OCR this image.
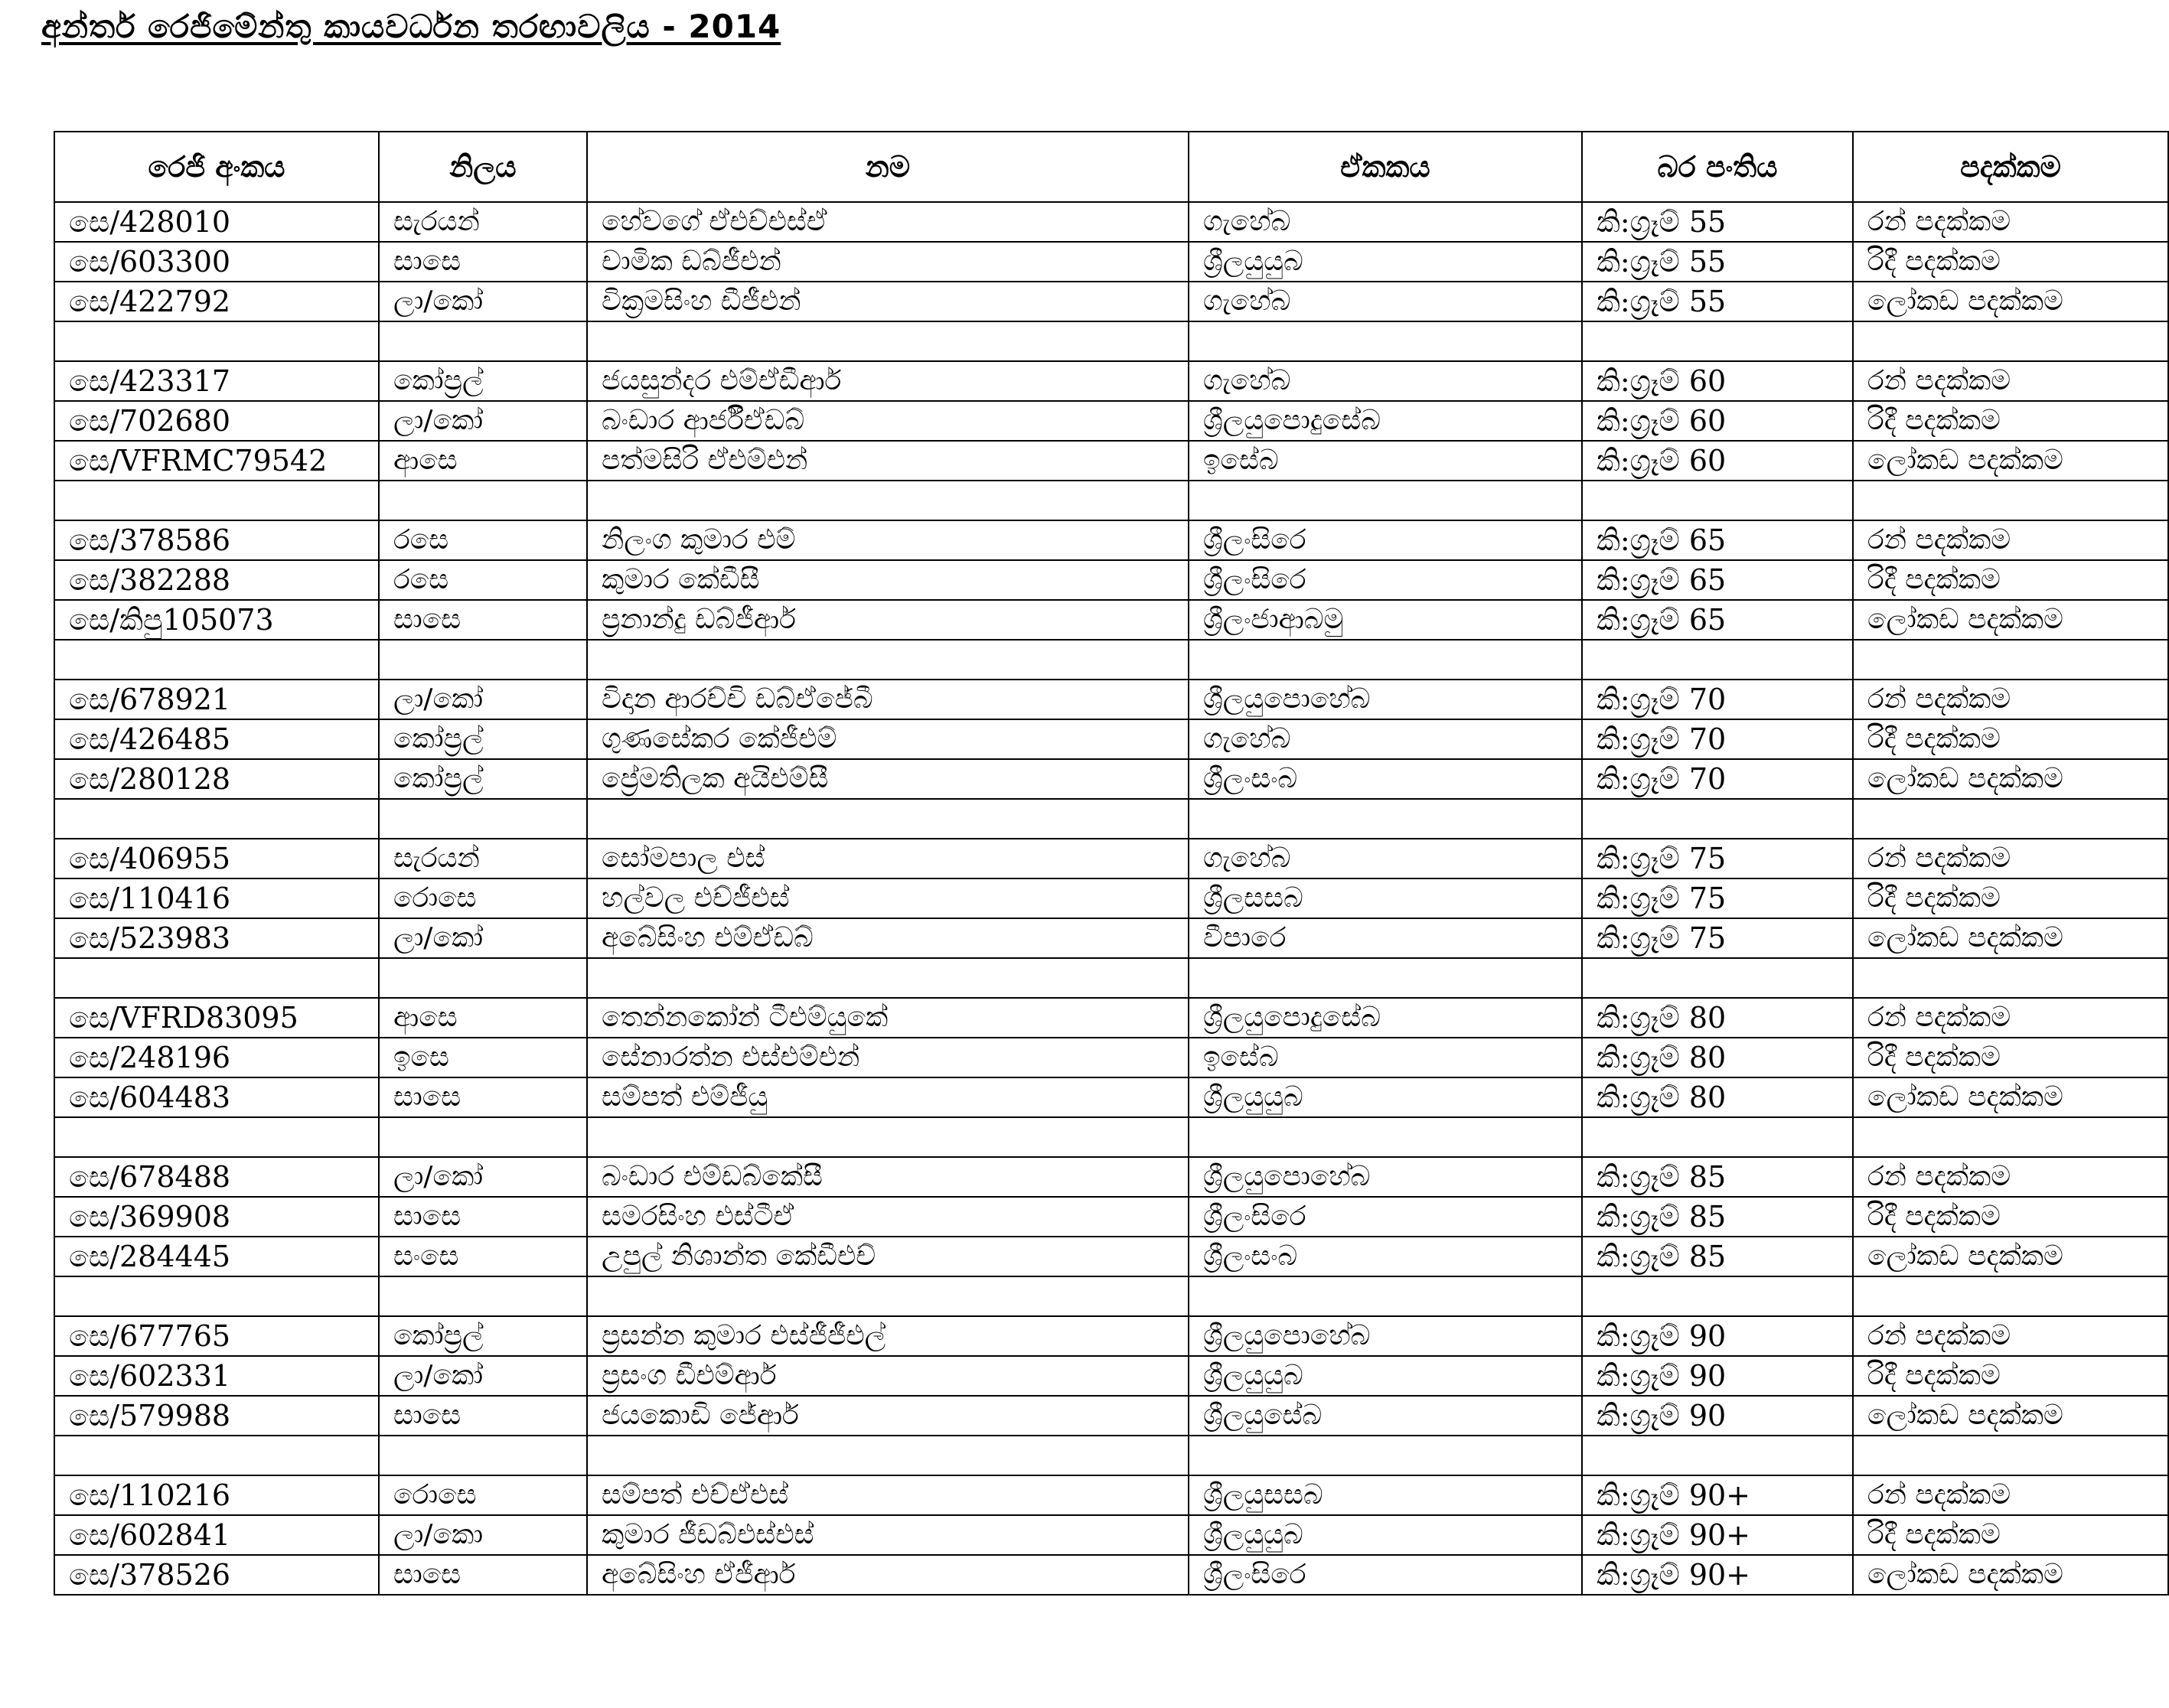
අන්තර් රෙජිමේන්තු කායවර්ධන තරඟාවලිය - 2014
රෙජි අංකය	නිලය	නම	ඒකකය	බර පංතිය	පදක්කම
සෙ/428010	සැරයන්	හේවගේ ඒඑච්එස්ඒ	ගැහේබ	කි:ග්‍රෑම් 55	රන් පදක්කම
සෙ/603300	සාසෙ	චාමික ඩබ්ජීඑන්	ශ්‍රීලයුයුබ	කි:ග්‍රෑම් 55	රිදී පදක්කම
සෙ/422792	ලා/කෝ	වික්‍රමසිංහ ඩීජීඑන්	ගැහේබ	කි:ග්‍රෑම් 55	ලෝකඩ පදක්කම

සෙ/423317	කෝප්‍රල්	ජයසුන්දර එම්ඒඩීආර්	ගැහේබ	කි:ග්‍රෑම් 60	රන් පදක්කම
සෙ/702680	ලා/කෝ	බංඩාර ආර්ජීඒඩබ්	ශ්‍රීලයුපොදුසේබ	කි:ග්‍රෑම් 60	රිදී පදක්කම
සෙ/VFRMC79542	ආසෙ	පත්මසිරි ඒඑම්එන්	ඉසේබ	කි:ග්‍රෑම් 60	ලෝකඩ පදක්කම

සෙ/378586	රසෙ	නිලංග කුමාර එම්	ශ්‍රීලංසිරෙ	කි:ග්‍රෑම් 65	රන් පදක්කම
සෙ/382288	රසෙ	කුමාර කේඩීසී	ශ්‍රීලංසිරෙ	කි:ග්‍රෑම් 65	රිදී පදක්කම
සෙ/කිපු105073	සාසෙ	ප්‍රනාන්දු ඩබ්ජීආර්	ශ්‍රීලංජාආබමු	කි:ග්‍රෑම් 65	ලෝකඩ පදක්කම

සෙ/678921	ලා/කෝ	විදාන ආරච්චි ඩබ්ඒජේබී	ශ්‍රීලයුපොහේබ	කි:ග්‍රෑම් 70	රන් පදක්කම
සෙ/426485	කෝප්‍රල්	ගුණසේකර කේජීඑම්	ගැහේබ	කි:ග්‍රෑම් 70	රිදී පදක්කම
සෙ/280128	කෝප්‍රල්	ප්‍රේමතිලක අයිඑම්සී	ශ්‍රීලංසංබ	කි:ග්‍රෑම් 70	ලෝකඩ පදක්කම

සෙ/406955	සැරයන්	සෝමපාල එස්	ගැහේබ	කි:ග්‍රෑම් 75	රන් පදක්කම
සෙ/110416	රොසෙ	හල්වල එච්ජීඑස්	ශ්‍රීලසසබ	කි:ග්‍රෑම් 75	රිදී පදක්කම
සෙ/523983	ලා/කෝ	අබේසිංහ එම්ඒඩබ්	වීපාරෙ	කි:ග්‍රෑම් 75	ලෝකඩ පදක්කම

සෙ/VFRD83095	ආසෙ	තෙන්නකෝන් ටීඑම්යුකේ	ශ්‍රීලයුපොදුසේබ	කි:ග්‍රෑම් 80	රන් පදක්කම
සෙ/248196	ඉසෙ	සේනාරත්න එස්එම්එන්	ඉසේබ	කි:ග්‍රෑම් 80	රිදී පදක්කම
සෙ/604483	සාසෙ	සම්පත් එම්ජීයු	ශ්‍රීලයුයුබ	කි:ග්‍රෑම් 80	ලෝකඩ පදක්කම

සෙ/678488	ලා/කෝ	බංඩාර එම්ඩබ්කේසී	ශ්‍රීලයුපොහේබ	කි:ග්‍රෑම් 85	රන් පදක්කම
සෙ/369908	සාසෙ	සමරසිංහ එස්ටීඒ	ශ්‍රීලංසිරෙ	කි:ග්‍රෑම් 85	රිදී පදක්කම
සෙ/284445	සංසෙ	උපුල් නිශාන්ත කේඩීඑච්	ශ්‍රීලංසංබ	කි:ග්‍රෑම් 85	ලෝකඩ පදක්කම

සෙ/677765	කෝප්‍රල්	ප්‍රසන්න කුමාර එස්ජීජීඑල්	ශ්‍රීලයුපොහේබ	කි:ග්‍රෑම් 90	රන් පදක්කම
සෙ/602331	ලා/කෝ	ප්‍රසංග ඩීඑම්ආර්	ශ්‍රීලයුයුබ	කි:ග්‍රෑම් 90	රිදී පදක්කම
සෙ/579988	සාසෙ	ජයකොඩි ජේආර්	ශ්‍රීලයුසේබ	කි:ග්‍රෑම් 90	ලෝකඩ පදක්කම

සෙ/110216	රොසෙ	සම්පත් එච්ඒඑස්	ශ්‍රීලයුසසබ	කි:ග්‍රෑම් 90+	රන් පදක්කම
සෙ/602841	ලා/කො	කුමාර ජීඩබ්එස්එස්	ශ්‍රීලයුයුබ	කි:ග්‍රෑම් 90+	රිදී පදක්කම
සෙ/378526	සාසෙ	අබේසිංහ ඒජීආර්	ශ්‍රීලංසිරෙ	කි:ග්‍රෑම් 90+	ලෝකඩ පදක්කම
